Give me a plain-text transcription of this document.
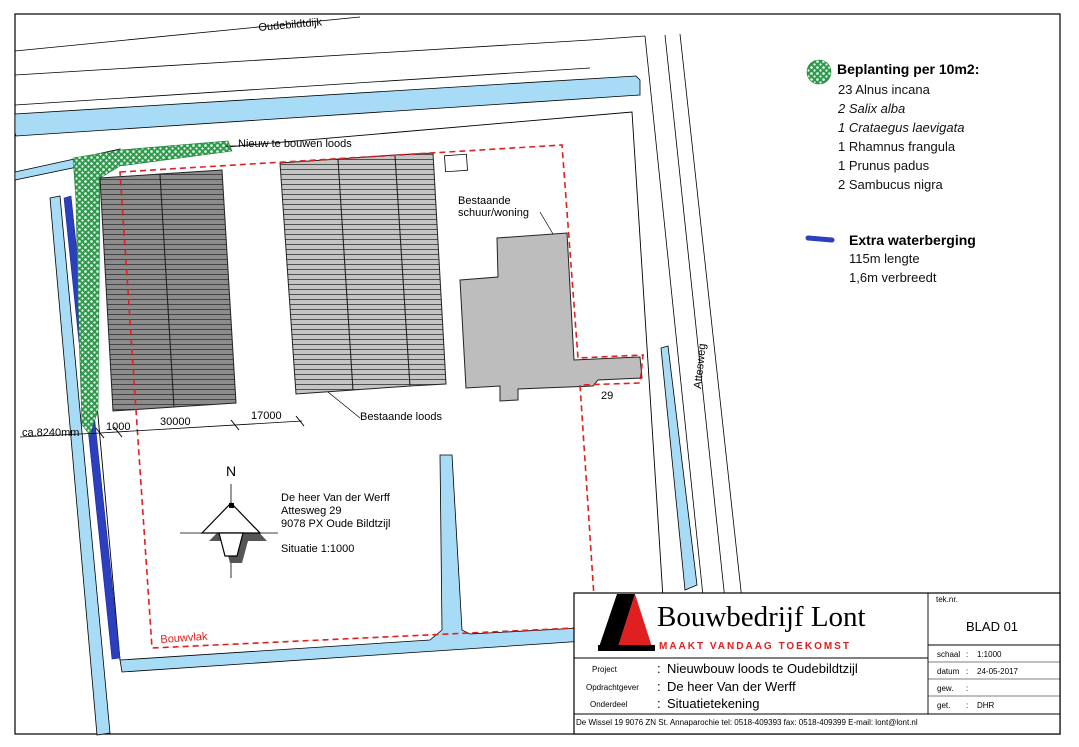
Oudebildtdijk
Attesweg
Nieuw te bouwen loods
Bestaande
schuur/woning
Bestaande loods
29
Bouwvlak
N
ca.8240mm 1000	30000	17000
De heer Van der Werff
Attesweg 29
9078 PX Oude Bildtzijl
Situatie 1:1000
Beplanting per 10m2:
23 Alnus incana
2 Salix alba
1 Crataegus laevigata
1 Rhamnus frangula
1 Prunus padus
2 Sambucus nigra
Extra waterberging
115m lengte
1,6m verbreedt
Bouwbedrijf Lont
MAAKT VANDAAG TOEKOMST
Project	: Nieuwbouw loods te Oudebildtzijl
Opdrachtgever : De heer Van der Werff
Onderdeel : Situatietekening
tek.nr.
BLAD 01
schaal : 1:1000
datum : 24-05-2017
gew. :
get. : DHR
De Wissel 19 9076 ZN St. Annaparochie tel: 0518-409393 fax: 0518-409399 E-mail: lont@lont.nl
